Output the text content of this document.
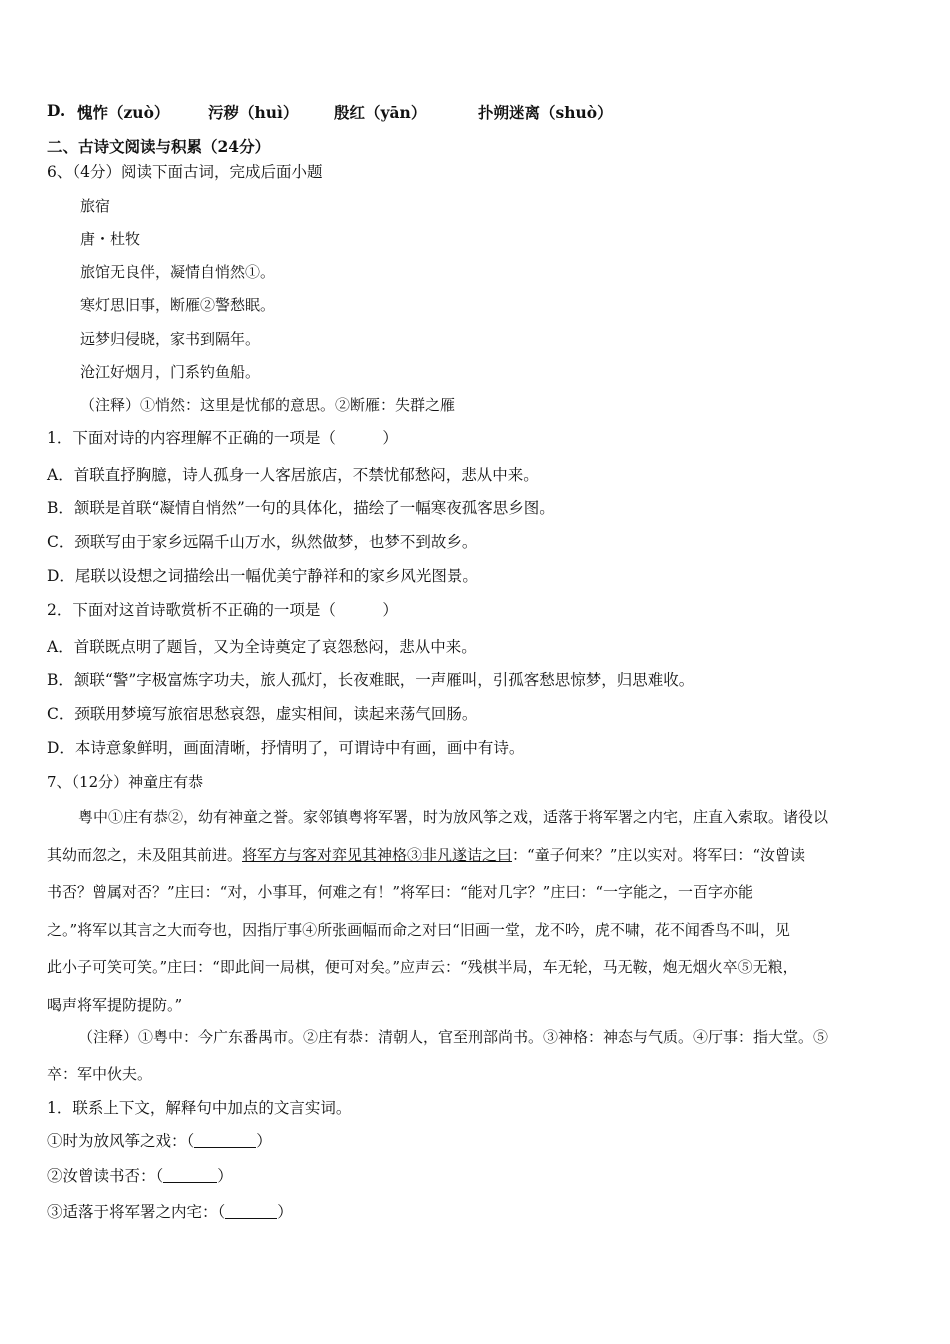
D. 愧怍（zuò） 污秽（huì） 殷红（yān）	扑朔迷离（shuò）
二、古诗文阅读与积累（24分）
6、（4分）阅读下面古词，完成后面小题
旅宿
唐・杜牧
旅馆无良伴，凝情自悄然①。
寒灯思旧事，断雁②警愁眠。
远梦归侵晓，家书到隔年。
沧江好烟月，门系钓鱼船。
（注释）①悄然：这里是忧郁的意思。②断雁：失群之雁
1．下面对诗的内容理解不正确的一项是（　　　）
A．首联直抒胸臆，诗人孤身一人客居旅店，不禁忧郁愁闷，悲从中来。
B．颔联是首联“凝情自悄然”一句的具体化，描绘了一幅寒夜孤客思乡图。
C．颈联写由于家乡远隔千山万水，纵然做梦，也梦不到故乡。
D．尾联以设想之词描绘出一幅优美宁静祥和的家乡风光图景。
2．下面对这首诗歌赏析不正确的一项是（　　　）
A．首联既点明了题旨，又为全诗奠定了哀怨愁闷，悲从中来。
B．颔联“警”字极富炼字功夫，旅人孤灯，长夜难眠，一声雁叫，引孤客愁思惊梦，归思难收。
C．颈联用梦境写旅宿思愁哀怨，虚实相间，读起来荡气回肠。
D．本诗意象鲜明，画面清晰，抒情明了，可谓诗中有画，画中有诗。
7、（12分）神童庄有恭
粤中①庄有恭②，幼有神童之誉。家邻镇粤将军署，时为放风筝之戏，适落于将军署之内宅，庄直入索取。诸役以
其幼而忽之，未及阻其前进。将军方与客对弈见其神格③非凡遂诘之曰：“童子何来？”庄以实对。将军曰：“汝曾读
书否？曾属对否？”庄曰：“对，小事耳，何难之有！”将军曰：“能对几字？”庄曰：“一字能之，一百字亦能
之。”将军以其言之大而夸也，因指厅事④所张画幅而命之对曰“旧画一堂，龙不吟，虎不啸，花不闻香鸟不叫，见
此小子可笑可笑。”庄曰：“即此间一局棋，便可对矣。”应声云：“残棋半局，车无轮，马无鞍，炮无烟火卒⑤无粮，
喝声将军提防提防。”
（注释）①粤中：今广东番禺市。②庄有恭：清朝人，官至刑部尚书。③神格：神态与气质。④厅事：指大堂。⑤
卒：军中伙夫。
1．联系上下文，解释句中加点的文言实词。
①时为放风筝之戏：（	）
②汝曾读书否：（	）
③适落于将军署之内宅：（	）
